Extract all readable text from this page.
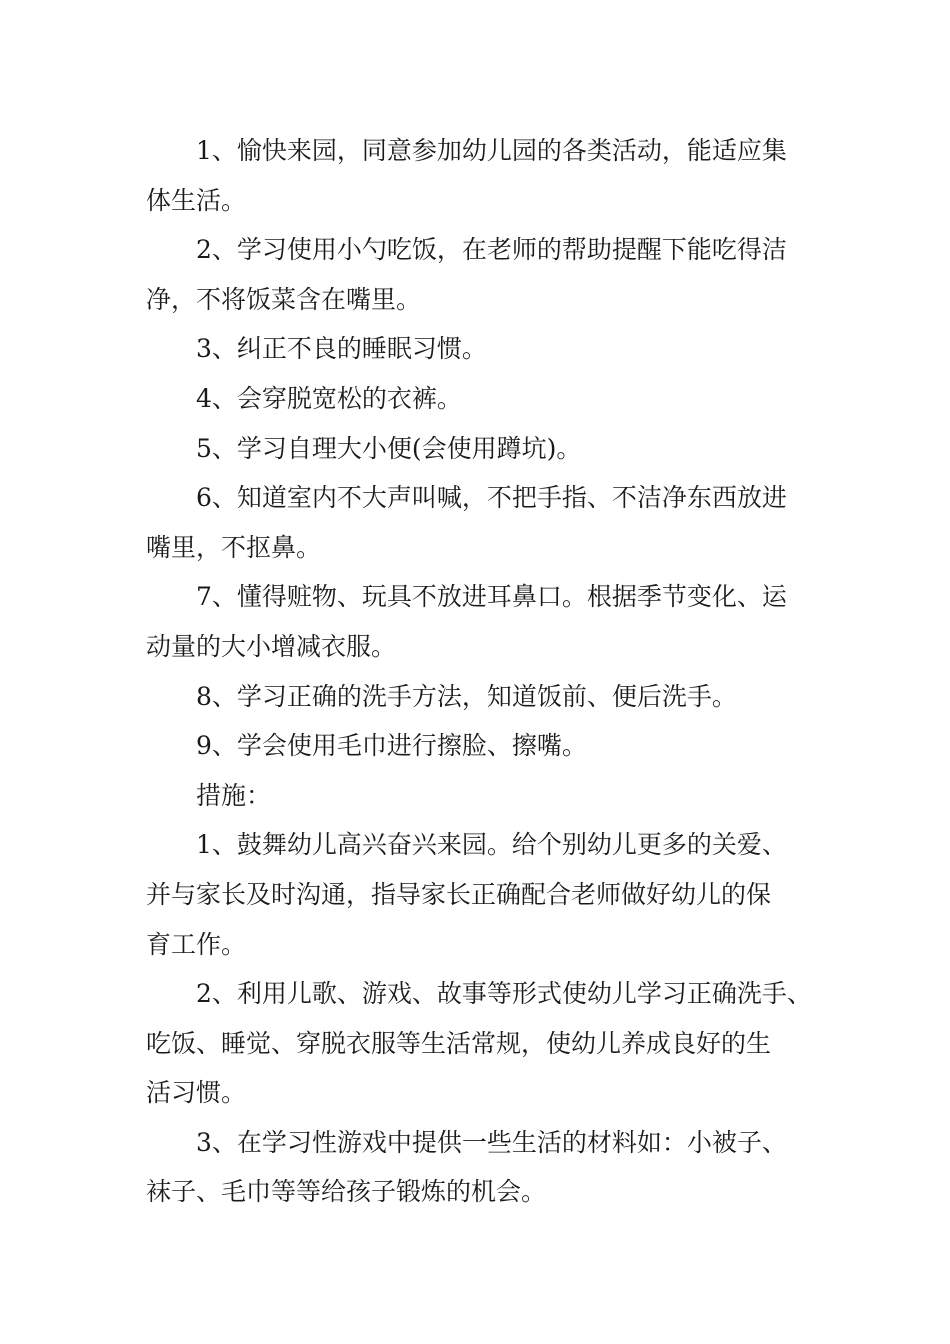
1、愉快来园，同意参加幼儿园的各类活动，能适应集
体生活。

2、学习使用小勺吃饭，在老师的帮助提醒下能吃得洁
净，不将饭菜含在嘴里。

3、纠正不良的睡眠习惯。

4、会穿脱宽松的衣裤。

5、学习自理大小便(会使用蹲坑)。

6、知道室内不大声叫喊，不把手指、不洁净东西放进
嘴里，不抠鼻。

7、懂得赃物、玩具不放进耳鼻口。根据季节变化、运
动量的大小增减衣服。

8、学习正确的洗手方法，知道饭前、便后洗手。

9、学会使用毛巾进行擦脸、擦嘴。

措施：

1、鼓舞幼儿高兴奋兴来园。给个别幼儿更多的关爱、
并与家长及时沟通，指导家长正确配合老师做好幼儿的保
育工作。

2、利用儿歌、游戏、故事等形式使幼儿学习正确洗手、
吃饭、睡觉、穿脱衣服等生活常规，使幼儿养成良好的生
活习惯。

3、在学习性游戏中提供一些生活的材料如：小被子、
袜子、毛巾等等给孩子锻炼的机会。
